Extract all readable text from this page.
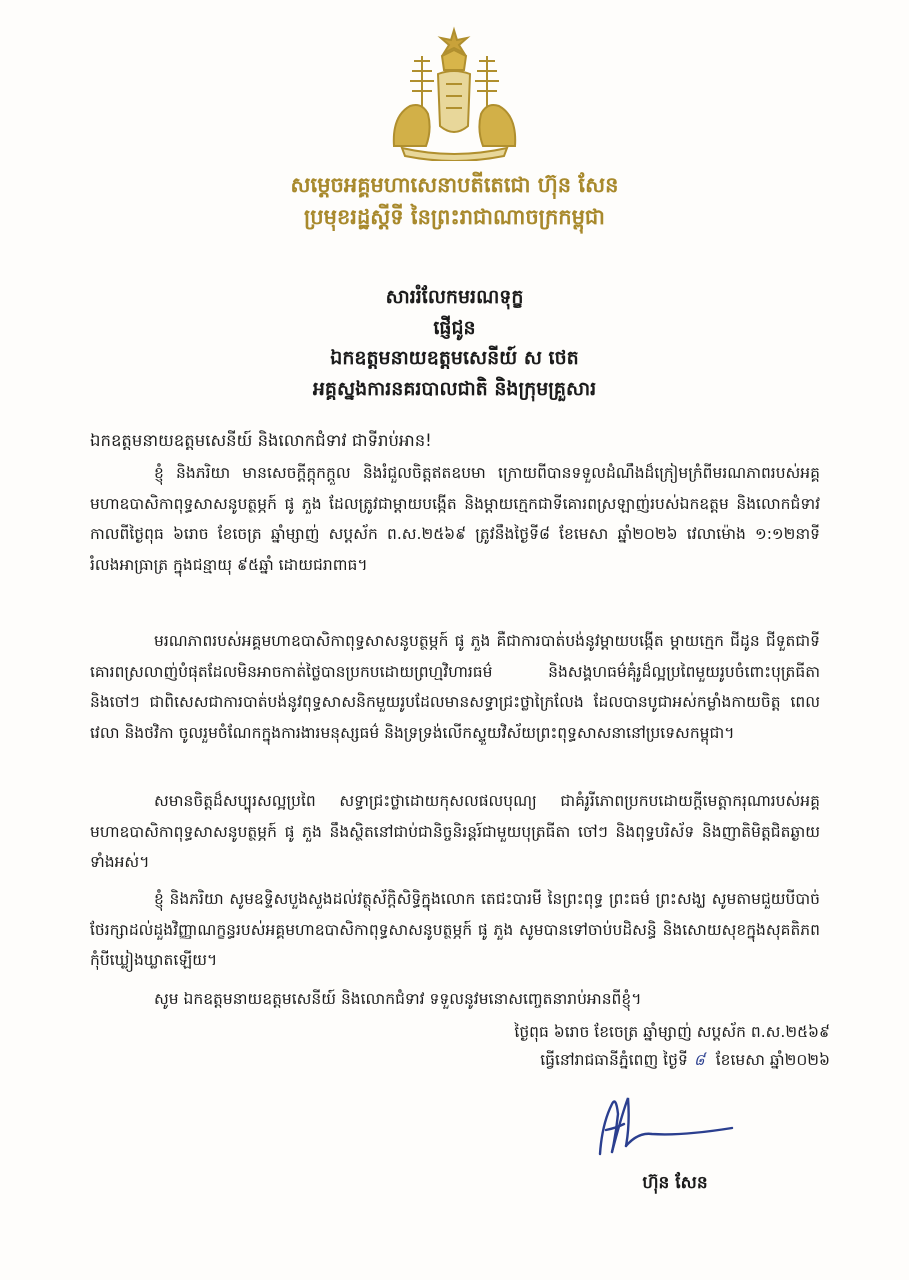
សម្តេចអគ្គមហាសេនាបតីតេជោ ហ៊ុន សែន
ប្រមុខរដ្ឋស្តីទី នៃព្រះរាជាណាចក្រកម្ពុជា
សាររំលែកមរណទុក្ខ
ផ្ញើជូន
ឯកឧត្តមនាយឧត្តមសេនីយ៍ ស ថេត
អគ្គស្នងការនគរបាលជាតិ និងក្រុមគ្រួសារ
ឯកឧត្តមនាយឧត្តមសេនីយ៍ និងលោកជំទាវ ជាទីរាប់អាន!

ខ្ញុំ និងភរិយា មានសេចក្តីក្តុកក្តួល និងរំជួលចិត្តឥតឧបមា ក្រោយពីបានទទួលដំណឹងដ៏ក្រៀមក្រំពីមរណភាពរបស់អគ្គមហាឧបាសិកាពុទ្ធសាសនូបត្ថម្ភក៍ ផូ ភួង ដែលត្រូវជាម្តាយបង្កើត និងម្តាយក្មេកជាទីគោរពស្រឡាញ់របស់ឯកឧត្តម និងលោកជំទាវ កាលពីថ្ងៃពុធ ៦រោច ខែចេត្រ ឆ្នាំម្សាញ់ សប្តស័ក ព.ស.២៥៦៩ ត្រូវនឹងថ្ងៃទី៨ ខែមេសា ឆ្នាំ២០២៦ វេលាម៉ោង ១:១២នាទីរំលងអាធ្រាត្រ ក្នុងជន្មាយុ ៩៥ឆ្នាំ ដោយជរាពាធ។

មរណភាពរបស់អគ្គមហាឧបាសិកាពុទ្ធសាសនូបត្ថម្ភក៍ ផូ ភួង គឺជាការបាត់បង់នូវម្តាយបង្កើត ម្តាយក្មេក ជីដូន ជីទួតជាទីគោរពស្រលាញ់បំផុតដែលមិនអាចកាត់ថ្លៃបានប្រកបដោយព្រហ្មវិហារធម៌ និងសង្គហធម៌គុំរូដ៏ល្អប្រពៃមួយរូបចំពោះបុត្រធីតា និងចៅៗ ជាពិសេសជាការបាត់បង់នូវពុទ្ធសាសនិកមួយរូបដែលមានសទ្ធាជ្រះថ្លាក្រៃលែង ដែលបានបូជាអស់កម្លាំងកាយចិត្ត ពេលវេលា និងថវិកា ចូលរួមចំណែកក្នុងការងារមនុស្សធម៌ និងទ្រទ្រង់លើកស្ទួយវិស័យព្រះពុទ្ធសាសនានៅប្រទេសកម្ពុជា។

សមានចិត្តដ៏សប្បុរសល្អប្រពៃ សទ្ធាជ្រះថ្លាដោយកុសលផលបុណ្យ ជាគំរូរីភោពប្រកបដោយក្តីមេត្តាករុណារបស់អគ្គមហាឧបាសិកាពុទ្ធសាសនូបត្ថម្ភក៍ ផូ ភួង នឹងស្ថិតនៅជាប់ជានិច្ចនិរន្តរ៍ជាមួយបុត្រធីតា ចៅៗ និងពុទ្ធបរិស័ទ និងញាតិមិត្តជិតឆ្ងាយទាំងអស់។

ខ្ញុំ និងភរិយា សូមឧទ្ទិសបួងសួងដល់វត្ថុស័ក្តិសិទ្ធិក្នុងលោក តេជះបារមី នៃព្រះពុទ្ធ ព្រះធម៌ ព្រះសង្ឃ សូមតាមជួយបីបាច់ថែរក្សាដល់ដួងវិញ្ញាណក្ខន្ធរបស់អគ្គមហាឧបាសិកាពុទ្ធសាសនូបត្ថម្ភក៍ ផូ ភួង សូមបានទៅចាប់បដិសន្ធិ និងសោយសុខក្នុងសុគតិភពកុំបីឃ្លៀងឃ្លាតឡើយ។

សូម ឯកឧត្តមនាយឧត្តមសេនីយ៍ និងលោកជំទាវ ទទួលនូវមនោសញ្ចេតនារាប់អានពីខ្ញុំ។

ថ្ងៃពុធ ៦រោច ខែចេត្រ ឆ្នាំម្សាញ់ សប្តស័ក ព.ស.២៥៦៩
ធ្វើនៅរាជធានីភ្នំពេញ ថ្ងៃទី ៨ ខែមេសា ឆ្នាំ២០២៦
ហ៊ុន សែន
